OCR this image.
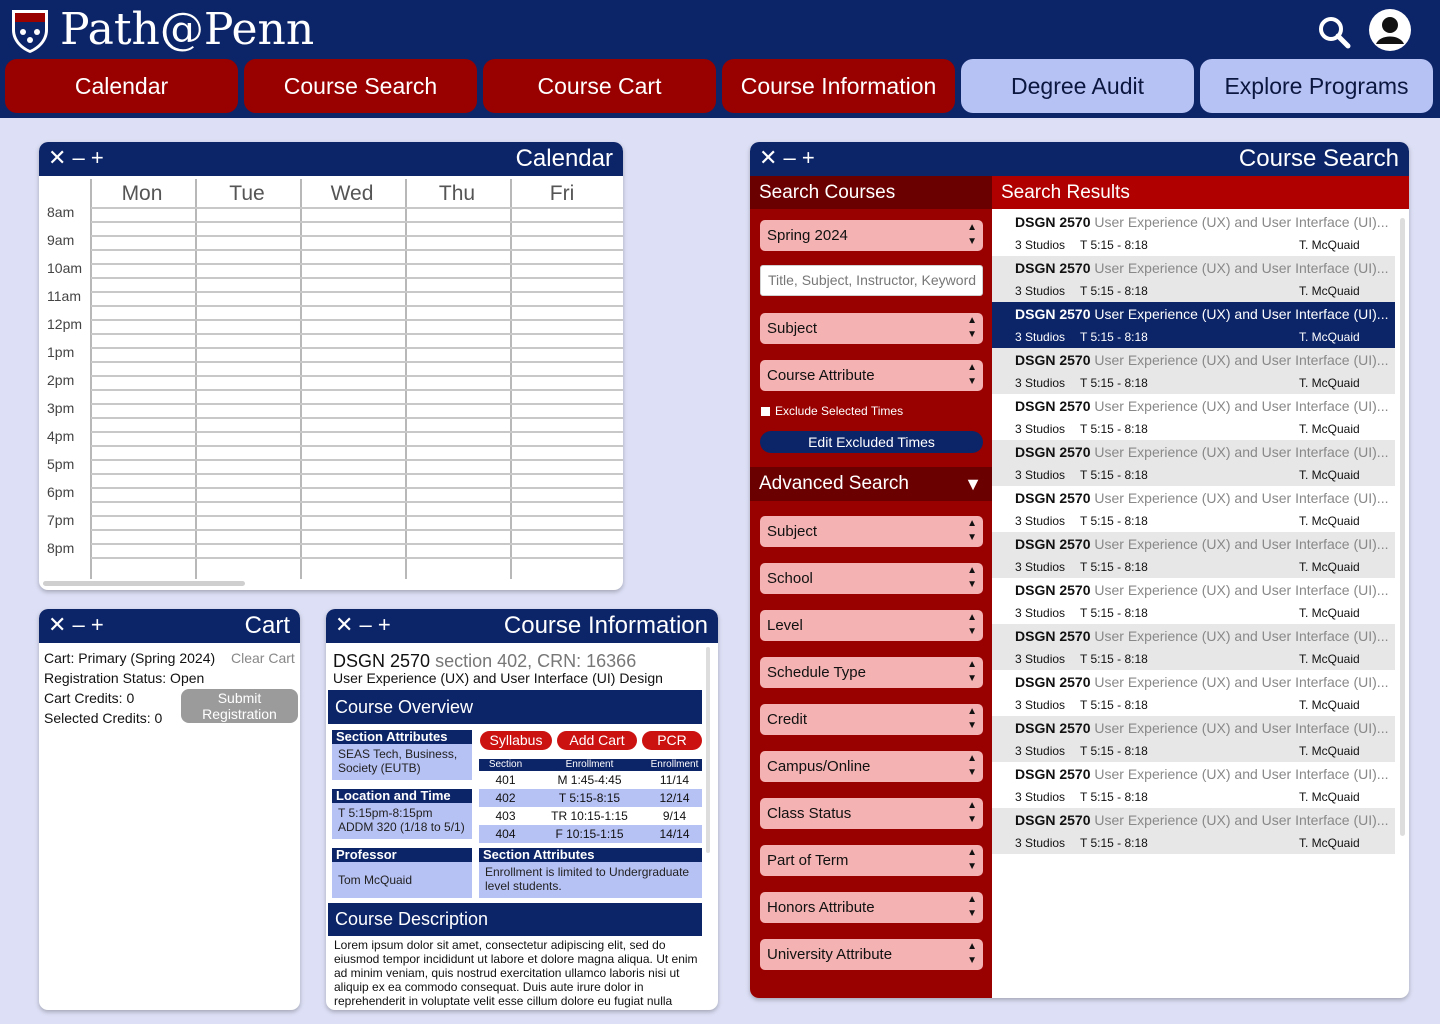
Path@Penn
Calendar	Course Search	Course Cart	Course Information	Degree Audit	Explore Programs
✕ – +	Calendar
Mon	Tue	Wed	Thu	Fri
8am
9am
10am
11am
12pm
1pm
2pm
3pm
4pm
5pm
6pm
7pm
8pm
✕ – +	Cart
Cart: Primary (Spring 2024) Clear Cart
Registration Status: Open
Cart Credits: 0
Selected Credits: 0
Submit Registration
✕ – +	Course Information
DSGN 2570 section 402, CRN: 16366
User Experience (UX) and User Interface (UI) Design
Course Overview
Section Attributes
SEAS Tech, Business, Society (EUTB)
Location and Time
T 5:15pm-8:15pm ADDM 320 (1/18 to 5/1)
Professor
Tom McQuaid
Section Attributes
Enrollment is limited to Undergraduate level students.
Syllabus	Add Cart	PCR
Section	Enrollment	Enrollment
401	M 1:45-4:45	11/14
402	T 5:15-8:15	12/14
403	TR 10:15-1:15	9/14
404	F 10:15-1:15	14/14
Course Description
Lorem ipsum dolor sit amet, consectetur adipiscing elit, sed do eiusmod tempor incididunt ut labore et dolore magna aliqua. Ut enim ad minim veniam, quis nostrud exercitation ullamco laboris nisi ut aliquip ex ea commodo consequat. Duis aute irure dolor in reprehenderit in voluptate velit esse cillum dolore eu fugiat nulla
✕ – +	Course Search
Search Courses
Spring 2024	▲
▼
Title, Subject, Instructor, Keyword
Subject	▲
▼
Course Attribute	▲
▼
Exclude Selected Times
Edit Excluded Times
Advanced Search	▼
Subject	▲
▼
School	▲
▼
Level	▲
▼
Schedule Type	▲
▼
Credit	▲
▼
Campus/Online	▲
▼
Class Status	▲
▼
Part of Term	▲
▼
Honors Attribute	▲
▼
University Attribute	▲
▼
Search Results
DSGN 2570 User Experience (UX) and User Interface (UI)...
3 Studios T 5:15 - 8:18	T. McQuaid
DSGN 2570 User Experience (UX) and User Interface (UI)...
3 Studios T 5:15 - 8:18	T. McQuaid
DSGN 2570 User Experience (UX) and User Interface (UI)...
3 Studios T 5:15 - 8:18	T. McQuaid
DSGN 2570 User Experience (UX) and User Interface (UI)...
3 Studios T 5:15 - 8:18	T. McQuaid
DSGN 2570 User Experience (UX) and User Interface (UI)...
3 Studios T 5:15 - 8:18	T. McQuaid
DSGN 2570 User Experience (UX) and User Interface (UI)...
3 Studios T 5:15 - 8:18	T. McQuaid
DSGN 2570 User Experience (UX) and User Interface (UI)...
3 Studios T 5:15 - 8:18	T. McQuaid
DSGN 2570 User Experience (UX) and User Interface (UI)...
3 Studios T 5:15 - 8:18	T. McQuaid
DSGN 2570 User Experience (UX) and User Interface (UI)...
3 Studios T 5:15 - 8:18	T. McQuaid
DSGN 2570 User Experience (UX) and User Interface (UI)...
3 Studios T 5:15 - 8:18	T. McQuaid
DSGN 2570 User Experience (UX) and User Interface (UI)...
3 Studios T 5:15 - 8:18	T. McQuaid
DSGN 2570 User Experience (UX) and User Interface (UI)...
3 Studios T 5:15 - 8:18	T. McQuaid
DSGN 2570 User Experience (UX) and User Interface (UI)...
3 Studios T 5:15 - 8:18	T. McQuaid
DSGN 2570 User Experience (UX) and User Interface (UI)...
3 Studios T 5:15 - 8:18	T. McQuaid
